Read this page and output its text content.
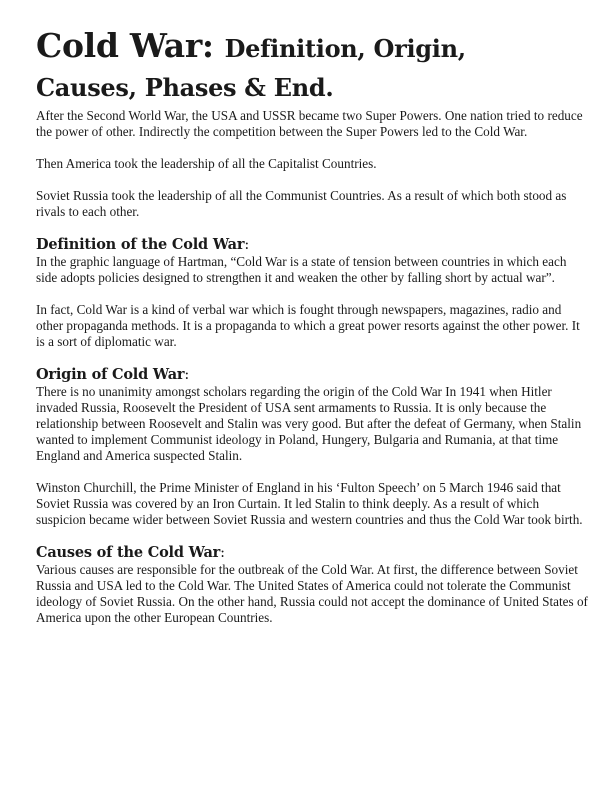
Cold War: Definition, Origin,
Causes, Phases & End.

After the Second World War, the USA and USSR became two Super Powers. One nation tried to reduce the power of other. Indirectly the competition between the Super Powers led to the Cold War.

Then America took the leadership of all the Capitalist Countries.

Soviet Russia took the leadership of all the Communist Countries. As a result of which both stood as rivals to each other.

Definition of the Cold War:

In the graphic language of Hartman, “Cold War is a state of tension between countries in which each side adopts policies designed to strengthen it and weaken the other by falling short by actual war”.

In fact, Cold War is a kind of verbal war which is fought through newspapers, magazines, radio and other propaganda methods. It is a propaganda to which a great power resorts against the other power. It is a sort of diplomatic war.

Origin of Cold War:

There is no unanimity amongst scholars regarding the origin of the Cold War In 1941 when Hitler invaded Russia, Roosevelt the President of USA sent armaments to Russia. It is only because the relationship between Roosevelt and Stalin was very good. But after the defeat of Germany, when Stalin wanted to implement Communist ideology in Poland, Hungery, Bulgaria and Rumania, at that time England and America suspected Stalin.

Winston Churchill, the Prime Minister of England in his ‘Fulton Speech’ on 5 March 1946 said that Soviet Russia was covered by an Iron Curtain. It led Stalin to think deeply. As a result of which suspicion became wider between Soviet Russia and western countries and thus the Cold War took birth.

Causes of the Cold War:

Various causes are responsible for the outbreak of the Cold War. At first, the difference between Soviet Russia and USA led to the Cold War. The United States of America could not tolerate the Communist ideology of Soviet Russia. On the other hand, Russia could not accept the dominance of United States of America upon the other European Countries.
